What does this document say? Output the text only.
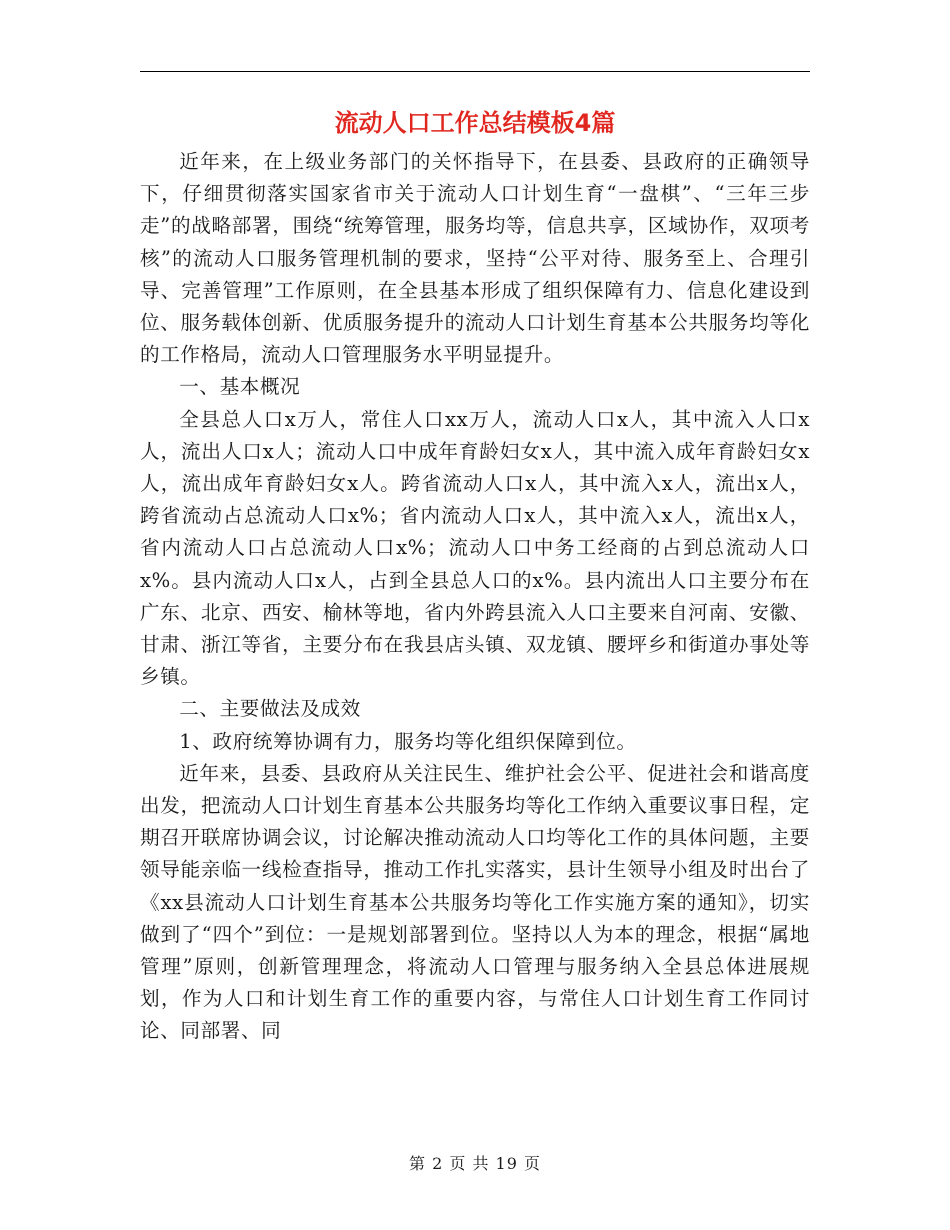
流动人口工作总结模板4篇

近年来，在上级业务部门的关怀指导下，在县委、县政府的正确领导下，仔细贯彻落实国家省市关于流动人口计划生育“一盘棋”、“三年三步走”的战略部署，围绕“统筹管理，服务均等，信息共享，区域协作，双项考核”的流动人口服务管理机制的要求，坚持“公平对待、服务至上、合理引导、完善管理”工作原则，在全县基本形成了组织保障有力、信息化建设到位、服务载体创新、优质服务提升的流动人口计划生育基本公共服务均等化的工作格局，流动人口管理服务水平明显提升。

一、基本概况

全县总人口x万人，常住人口xx万人，流动人口x人，其中流入人口x人，流出人口x人；流动人口中成年育龄妇女x人，其中流入成年育龄妇女x人，流出成年育龄妇女x人。跨省流动人口x人，其中流入x人，流出x人，跨省流动占总流动人口x%；省内流动人口x人，其中流入x人，流出x人，省内流动人口占总流动人口x%；流动人口中务工经商的占到总流动人口x%。县内流动人口x人，占到全县总人口的x%。县内流出人口主要分布在广东、北京、西安、榆林等地，省内外跨县流入人口主要来自河南、安徽、甘肃、浙江等省，主要分布在我县店头镇、双龙镇、腰坪乡和街道办事处等乡镇。

二、主要做法及成效

1、政府统筹协调有力，服务均等化组织保障到位。

近年来，县委、县政府从关注民生、维护社会公平、促进社会和谐高度出发，把流动人口计划生育基本公共服务均等化工作纳入重要议事日程，定期召开联席协调会议，讨论解决推动流动人口均等化工作的具体问题，主要领导能亲临一线检查指导，推动工作扎实落实，县计生领导小组及时出台了《xx县流动人口计划生育基本公共服务均等化工作实施方案的通知》，切实做到了“四个”到位：一是规划部署到位。坚持以人为本的理念，根据“属地管理”原则，创新管理理念，将流动人口管理与服务纳入全县总体进展规划，作为人口和计划生育工作的重要内容，与常住人口计划生育工作同讨论、同部署、同

第 2 页 共 19 页
